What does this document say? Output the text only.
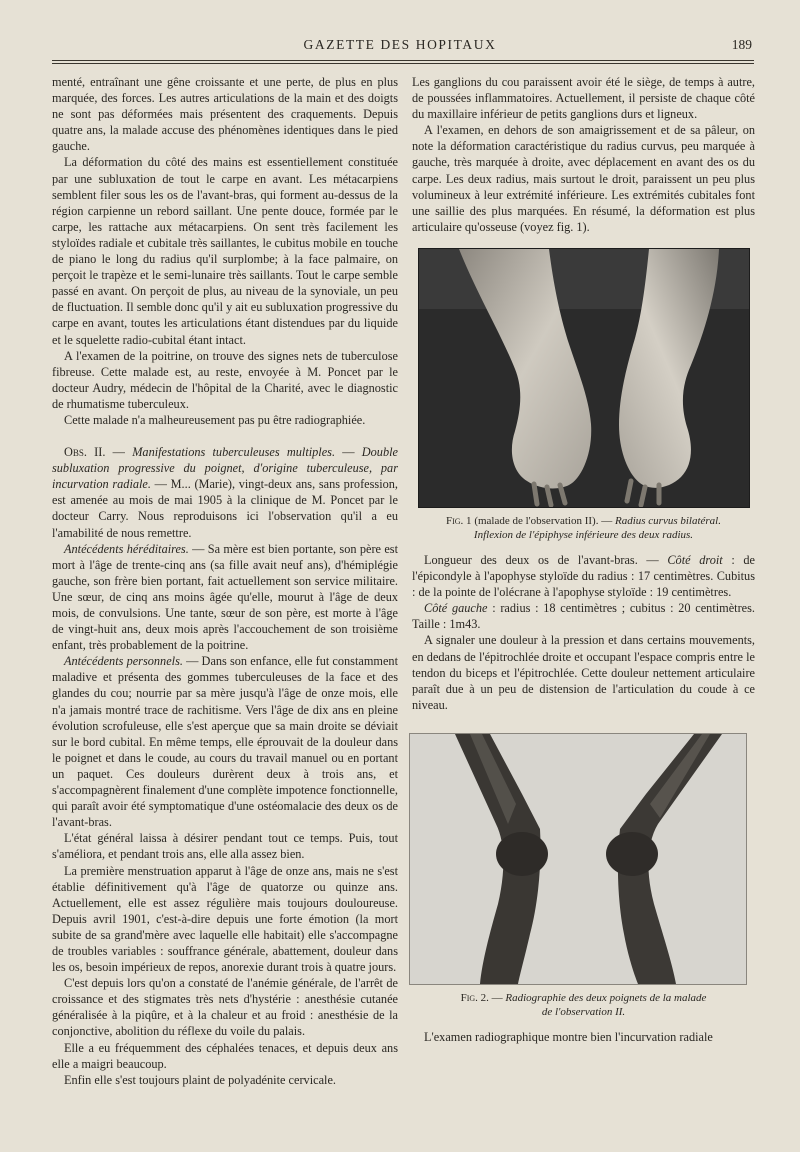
GAZETTE DES HOPITAUX	189

menté, entraînant une gêne croissante et une perte, de plus en plus marquée, des forces. Les autres articulations de la main et des doigts ne sont pas déformées mais présentent des craquements. Depuis quatre ans, la malade accuse des phénomènes identiques dans le pied gauche.

La déformation du côté des mains est essentiellement constituée par une subluxation de tout le carpe en avant. Les métacarpiens semblent filer sous les os de l'avant-bras, qui forment au-dessus de la région carpienne un rebord saillant. Une pente douce, formée par le carpe, les rattache aux métacarpiens. On sent très facilement les styloïdes radiale et cubitale très saillantes, le cubitus mobile en touche de piano le long du radius qu'il surplombe; à la face palmaire, on perçoit le trapèze et le semi-lunaire très saillants. Tout le carpe semble passé en avant. On perçoit de plus, au niveau de la synoviale, un peu de fluctuation. Il semble donc qu'il y ait eu subluxation progressive du carpe en avant, toutes les articulations étant distendues par du liquide et le squelette radio-cubital étant intact.

A l'examen de la poitrine, on trouve des signes nets de tuberculose fibreuse. Cette malade est, au reste, envoyée à M. Poncet par le docteur Audry, médecin de l'hôpital de la Charité, avec le diagnostic de rhumatisme tuberculeux.

Cette malade n'a malheureusement pas pu être radiographiée.

Obs. II. — Manifestations tuberculeuses multiples. — Double subluxation progressive du poignet, d'origine tuberculeuse, par incurvation radiale. — M... (Marie), vingt-deux ans, sans profession, est amenée au mois de mai 1905 à la clinique de M. Poncet par le docteur Carry. Nous reproduisons ici l'observation qu'il a eu l'amabilité de nous remettre.

Antécédents héréditaires. — Sa mère est bien portante, son père est mort à l'âge de trente-cinq ans (sa fille avait neuf ans), d'hémiplégie gauche, son frère bien portant, fait actuellement son service militaire. Une sœur, de cinq ans moins âgée qu'elle, mourut à l'âge de deux mois, de convulsions. Une tante, sœur de son père, est morte à l'âge de vingt-huit ans, deux mois après l'accouchement de son troisième enfant, très probablement de la poitrine.

Antécédents personnels. — Dans son enfance, elle fut constamment maladive et présenta des gommes tuberculeuses de la face et des glandes du cou; nourrie par sa mère jusqu'à l'âge de onze mois, elle n'a jamais montré trace de rachitisme. Vers l'âge de dix ans en pleine évolution scrofuleuse, elle s'est aperçue que sa main droite se déviait sur le bord cubital. En même temps, elle éprouvait de la douleur dans le poignet et dans le coude, au cours du travail manuel ou en portant un paquet. Ces douleurs durèrent deux à trois ans, et s'accompagnèrent finalement d'une complète impotence fonctionnelle, qui paraît avoir été symptomatique d'une ostéomalacie des deux os de l'avant-bras.

L'état général laissa à désirer pendant tout ce temps. Puis, tout s'améliora, et pendant trois ans, elle alla assez bien.

La première menstruation apparut à l'âge de onze ans, mais ne s'est établie définitivement qu'à l'âge de quatorze ou quinze ans. Actuellement, elle est assez régulière mais toujours douloureuse. Depuis avril 1901, c'est-à-dire depuis une forte émotion (la mort subite de sa grand'mère avec laquelle elle habitait) elle s'accompagne de troubles variables : souffrance générale, abattement, douleur dans les os, besoin impérieux de repos, anorexie durant trois à quatre jours.

C'est depuis lors qu'on a constaté de l'anémie générale, de l'arrêt de croissance et des stigmates très nets d'hystérie : anesthésie cutanée généralisée à la piqûre, et à la chaleur et au froid : anesthésie de la conjonctive, abolition du réflexe du voile du palais.

Elle a eu fréquemment des céphalées tenaces, et depuis deux ans elle a maigri beaucoup.

Enfin elle s'est toujours plaint de polyadénite cervicale.

Les ganglions du cou paraissent avoir été le siège, de temps à autre, de poussées inflammatoires. Actuellement, il persiste de chaque côté du maxillaire inférieur de petits ganglions durs et ligneux.

A l'examen, en dehors de son amaigrissement et de sa pâleur, on note la déformation caractéristique du radius curvus, peu marquée à gauche, très marquée à droite, avec déplacement en avant des os du carpe. Les deux radius, mais surtout le droit, paraissent un peu plus volumineux à leur extrémité inférieure. Les extrémités cubitales font une saillie des plus marquées. En résumé, la déformation est plus articulaire qu'osseuse (voyez fig. 1).

Fig. 1 (malade de l'observation II). — Radius curvus bilatéral.
Inflexion de l'épiphyse inférieure des deux radius.

Longueur des deux os de l'avant-bras. — Côté droit : de l'épicondyle à l'apophyse styloïde du radius : 17 centimètres. Cubitus : de la pointe de l'olécrane à l'apophyse styloïde : 19 centimètres.

Côté gauche : radius : 18 centimètres ; cubitus : 20 centimètres. Taille : 1m43.

A signaler une douleur à la pression et dans certains mouvements, en dedans de l'épitrochlée droite et occupant l'espace compris entre le tendon du biceps et l'épitrochlée. Cette douleur nettement articulaire paraît due à un peu de distension de l'articulation du coude à ce niveau.

Fig. 2. — Radiographie des deux poignets de la malade
de l'observation II.

L'examen radiographique montre bien l'incurvation radiale
